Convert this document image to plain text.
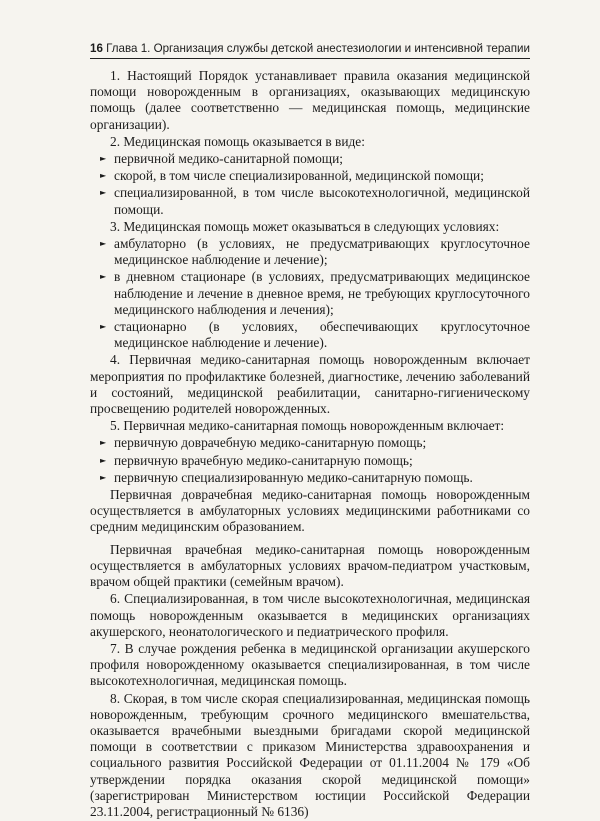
16 Глава 1. Организация службы детской анестезиологии и интенсивной терапии

1. Настоящий Порядок устанавливает правила оказания медицинской помощи новорожденным в организациях, оказывающих медицинскую помощь (далее соответственно — медицинская помощь, медицинские организации).

2. Медицинская помощь оказывается в виде:

► первичной медико-санитарной помощи;

► скорой, в том числе специализированной, медицинской помощи;

► специализированной, в том числе высокотехнологичной, медицинской помощи.

3. Медицинская помощь может оказываться в следующих условиях:

► амбулаторно (в условиях, не предусматривающих круглосуточное медицинское наблюдение и лечение);

► в дневном стационаре (в условиях, предусматривающих медицинское наблюдение и лечение в дневное время, не требующих круглосуточного медицинского наблюдения и лечения);

► стационарно (в условиях, обеспечивающих круглосуточное медицинское наблюдение и лечение).

4. Первичная медико-санитарная помощь новорожденным включает мероприятия по профилактике болезней, диагностике, лечению заболеваний и состояний, медицинской реабилитации, санитарно-гигиеническому просвещению родителей новорожденных.

5. Первичная медико-санитарная помощь новорожденным включает:

► первичную доврачебную медико-санитарную помощь;

► первичную врачебную медико-санитарную помощь;

► первичную специализированную медико-санитарную помощь.

Первичная доврачебная медико-санитарная помощь новорожденным осуществляется в амбулаторных условиях медицинскими работниками со средним медицинским образованием.

Первичная врачебная медико-санитарная помощь новорожденным осуществляется в амбулаторных условиях врачом-педиатром участковым, врачом общей практики (семейным врачом).

6. Специализированная, в том числе высокотехнологичная, медицинская помощь новорожденным оказывается в медицинских организациях акушерского, неонатологического и педиатрического профиля.

7. В случае рождения ребенка в медицинской организации акушерского профиля новорожденному оказывается специализированная, в том числе высокотехнологичная, медицинская помощь.

8. Скорая, в том числе скорая специализированная, медицинская помощь новорожденным, требующим срочного медицинского вмешательства, оказывается врачебными выездными бригадами скорой медицинской помощи в соответствии с приказом Министерства здравоохранения и социального развития Российской Федерации от 01.11.2004 № 179 «Об утверждении порядка оказания скорой медицинской помощи» (зарегистрирован Министерством юстиции Российской Федерации 23.11.2004, регистрационный № 6136)
